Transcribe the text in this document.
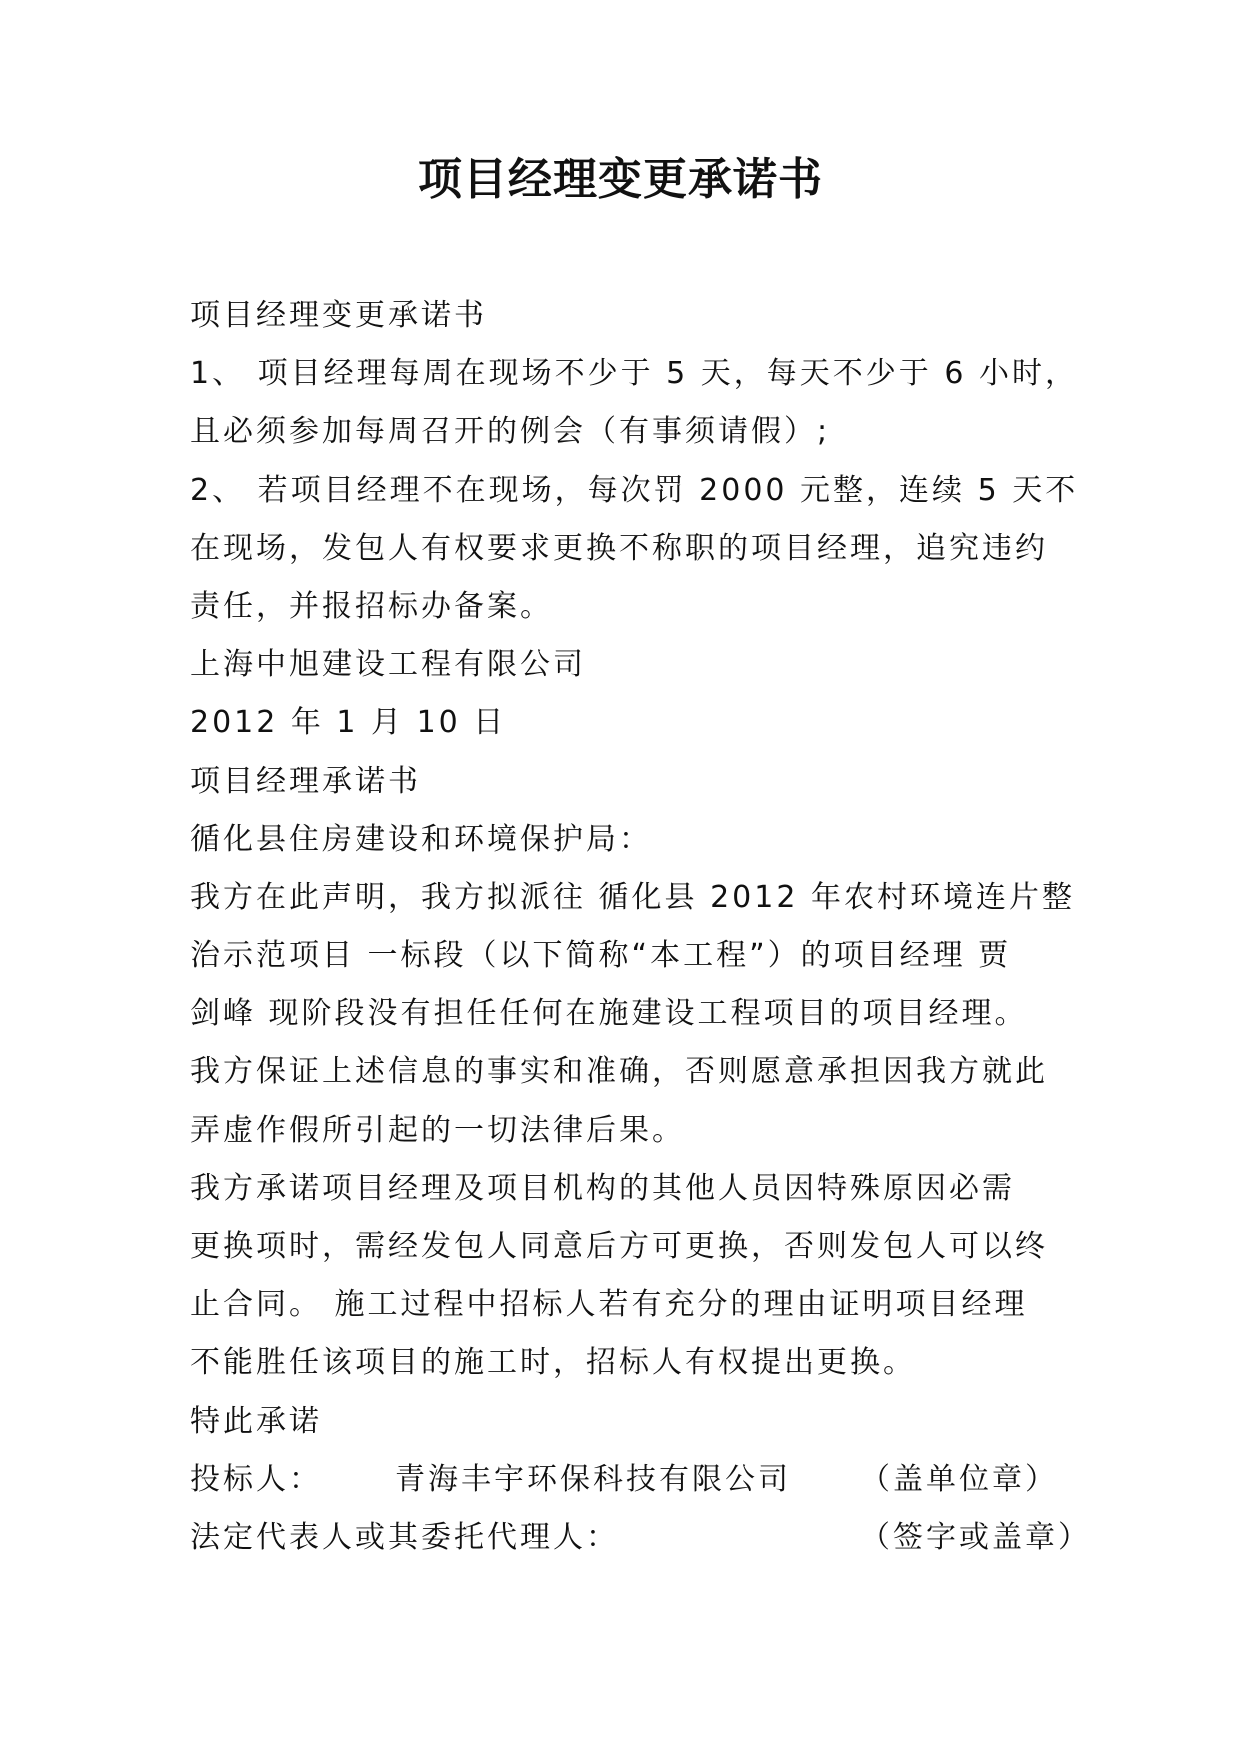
项目经理变更承诺书
项目经理变更承诺书
1、 项目经理每周在现场不少于 5 天，每天不少于 6 小时，
且必须参加每周召开的例会（有事须请假）;
2、 若项目经理不在现场，每次罚 2000 元整，连续 5 天不
在现场，发包人有权要求更换不称职的项目经理，追究违约
责任，并报招标办备案。
上海中旭建设工程有限公司
2012 年 1 月 10 日
项目经理承诺书
循化县住房建设和环境保护局：
我方在此声明，我方拟派往 循化县 2012 年农村环境连片整
治示范项目 一标段（以下简称“本工程”）的项目经理 贾
剑峰 现阶段没有担任任何在施建设工程项目的项目经理。
我方保证上述信息的事实和准确，否则愿意承担因我方就此
弄虚作假所引起的一切法律后果。
我方承诺项目经理及项目机构的其他人员因特殊原因必需
更换项时，需经发包人同意后方可更换，否则发包人可以终
止合同。 施工过程中招标人若有充分的理由证明项目经理
不能胜任该项目的施工时，招标人有权提出更换。
特此承诺
投标人： 青海丰宇环保科技有限公司 （盖单位章）
法定代表人或其委托代理人：	（签字或盖章）
